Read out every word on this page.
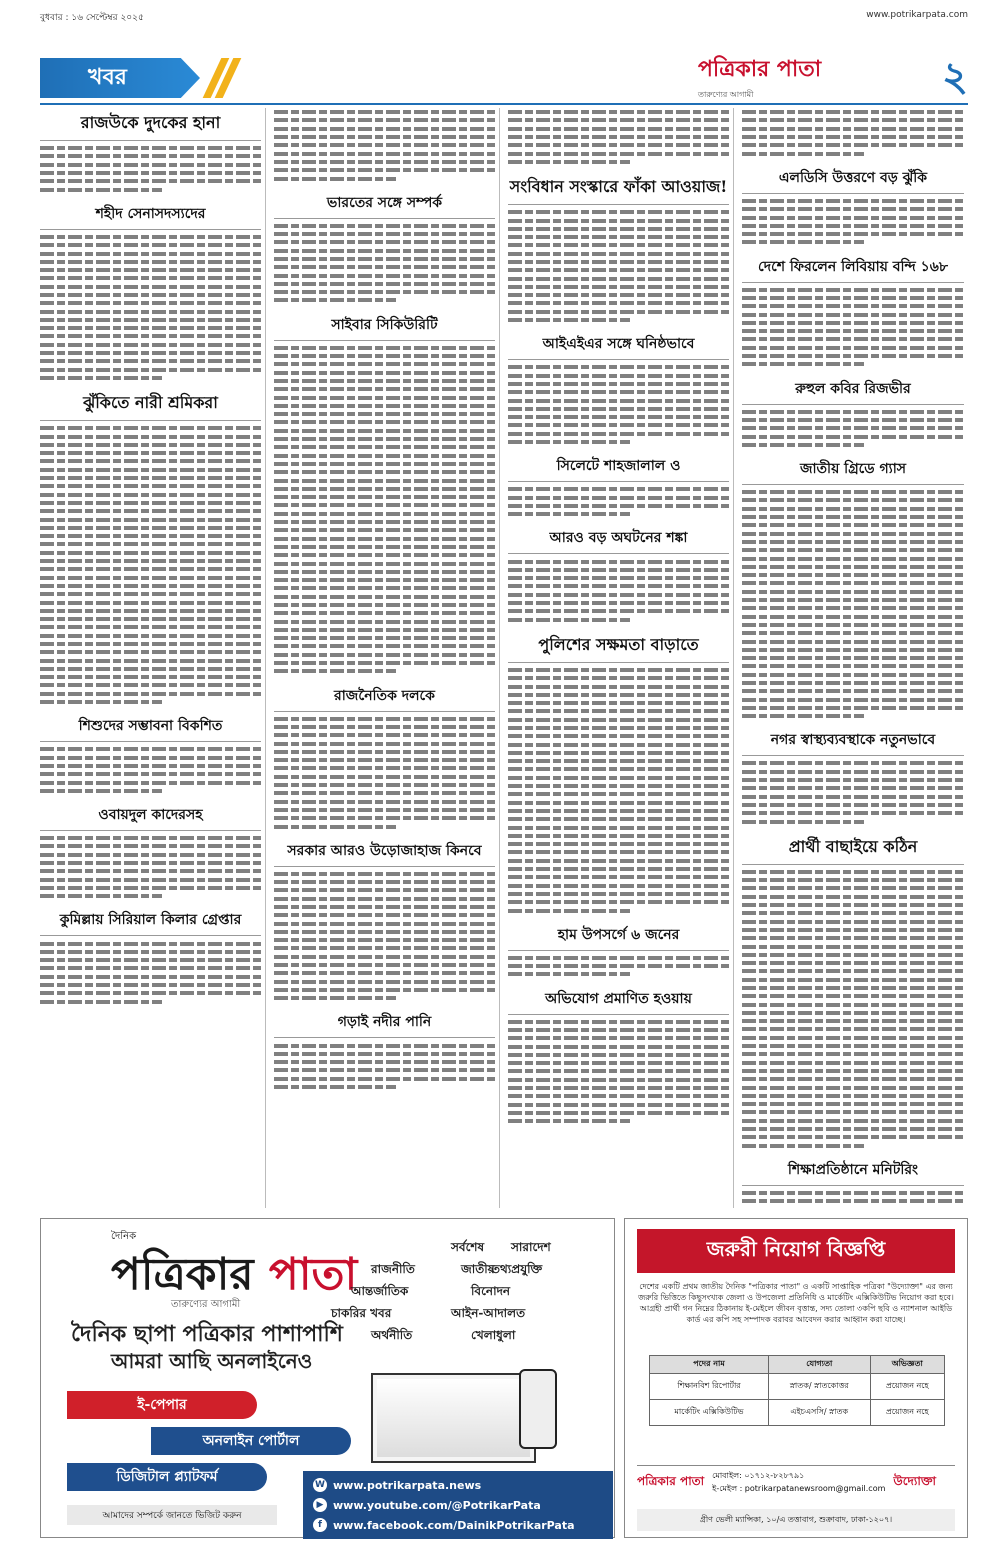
বুধবার : ১৬ সেপ্টেম্বর ২০২৫	www.potrikarpata.com
খবর	পত্রিকার পাতা
তারুণ্যের আগামী	২
রাজউকে দুদকের হানা
শহীদ সেনাসদস্যদের
ঝুঁকিতে নারী শ্রমিকরা
শিশুদের সম্ভাবনা বিকশিত
ওবায়দুল কাদেরসহ
কুমিল্লায় সিরিয়াল কিলার গ্রেপ্তার
ভারতের সঙ্গে সম্পর্ক
সাইবার সিকিউরিটি
রাজনৈতিক দলকে
সরকার আরও উড়োজাহাজ কিনবে
গড়াই নদীর পানি
সংবিধান সংস্কারে ফাঁকা আওয়াজ!
আইএইএর সঙ্গে ঘনিষ্ঠভাবে
সিলেটে শাহজালাল ও
আরও বড় অঘটনের শঙ্কা
পুলিশের সক্ষমতা বাড়াতে
হাম উপসর্গে ৬ জনের
অভিযোগ প্রমাণিত হওয়ায়
এলডিসি উত্তরণে বড় ঝুঁকি
দেশে ফিরলেন লিবিয়ায় বন্দি ১৬৮
রুহুল কবির রিজভীর
জাতীয় গ্রিডে গ্যাস
নগর স্বাস্থ্যব্যবস্থাকে নতুনভাবে
প্রার্থী বাছাইয়ে কঠিন
শিক্ষাপ্রতিষ্ঠানে মনিটরিং
পত্রিকার পাতা
দৈনিক
তারুণ্যের আগামী
দৈনিক ছাপা পত্রিকার পাশাপাশি
আমরা আছি অনলাইনেও
ই-পেপার
অনলাইন পোর্টাল
ডিজিটাল প্ল্যাটফর্ম
আমাদের সম্পর্কে জানতে ভিজিট করুন
সর্বশেষ সারাদেশ
রাজনীতি	জাতীয়
তথ্যপ্রযুক্তি
আন্তর্জাতিক	বিনোদন
চাকরির খবর	আইন-আদালত
অর্থনীতি	খেলাধুলা
W www.potrikarpata.news
▶ www.youtube.com/@PotrikarPata
f	www.facebook.com/DainikPotrikarPata
জরুরী নিয়োগ বিজ্ঞপ্তি
দেশের একটি প্রথম জাতীয় দৈনিক "পত্রিকার পাতা" ও একটি সাপ্তাহিক পত্রিকা "উদ্যোক্তা" এর জন্য জরুরি ভিত্তিতে কিছুসংখ্যক জেলা ও উপজেলা প্রতিনিধি ও মার্কেটিং এক্সিকিউটিভ নিয়োগ করা হবে। আগ্রহী প্রার্থী গন নিম্নের ঠিকানায় ই-মেইলে জীবন বৃত্তান্ত, সদ্য তোলা ৩কপি ছবি ও ন্যাশনাল আইডি কার্ড এর কপি সহ সম্পাদক বরাবর আবেদন করার আহ্বান করা যাচ্ছে।
পদের নাম	যোগ্যতা	অভিজ্ঞতা
শিক্ষানবিশ রিপোর্টার	স্নাতক/ স্নাতকোত্তর	প্রয়োজন নহে
মার্কেটিং এক্সিকিউটিভ	এইচএসসি/ স্নাতক	প্রয়োজন নহে
পত্রিকার পাতা মোবাইল: ০১৭১২-৮২৮৭৯১
ই-মেইল : potrikarpatanewsroom@gmail.com
উদ্যোক্তা
গ্রীণ ভেলী ম্যান্সিকা, ১০/এ তত্তাবাগ, শুক্রাবাদ, ঢাকা-১২০৭।
